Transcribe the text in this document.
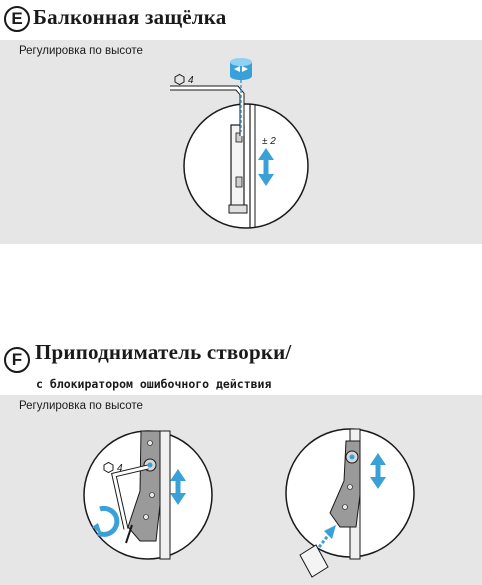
E Балконная защёлка
Регулировка по высоте
4
± 2
F Приподниматель створки/
с блокиратором ошибочного действия
Регулировка по высоте
4
